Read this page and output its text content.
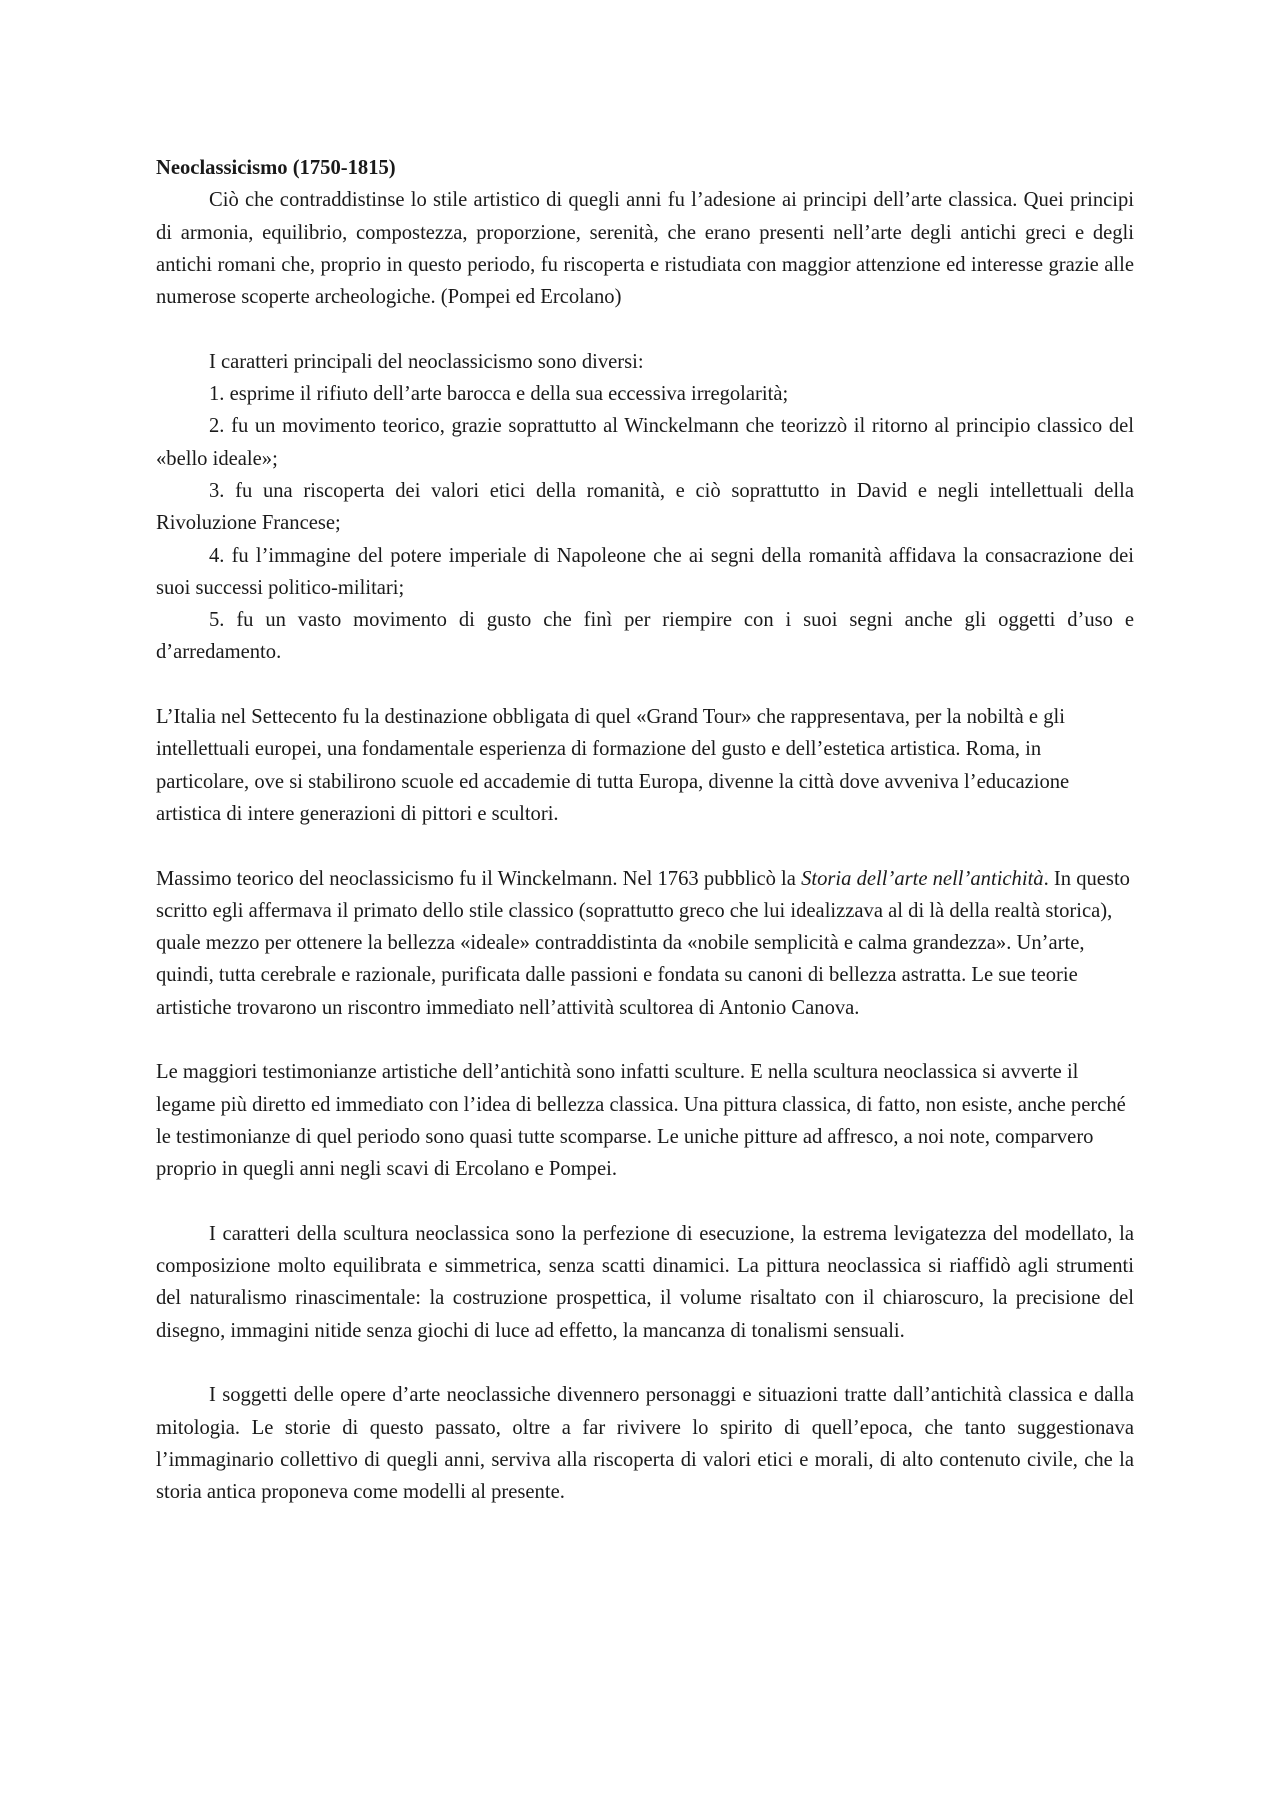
Neoclassicismo (1750-1815)

Ciò che contraddistinse lo stile artistico di quegli anni fu l’adesione ai principi dell’arte classica. Quei principi di armonia, equilibrio, compostezza, proporzione, serenità, che erano presenti nell’arte degli antichi greci e degli antichi romani che, proprio in questo periodo, fu riscoperta e ristudiata con maggior attenzione ed interesse grazie alle numerose scoperte archeologiche. (Pompei ed Ercolano)

I caratteri principali del neoclassicismo sono diversi:

1. esprime il rifiuto dell’arte barocca e della sua eccessiva irregolarità;

2. fu un movimento teorico, grazie soprattutto al Winckelmann che teorizzò il ritorno al principio classico del «bello ideale»;

3. fu una riscoperta dei valori etici della romanità, e ciò soprattutto in David e negli intellettuali della Rivoluzione Francese;

4. fu l’immagine del potere imperiale di Napoleone che ai segni della romanità affidava la consacrazione dei suoi successi politico-militari;

5. fu un vasto movimento di gusto che finì per riempire con i suoi segni anche gli oggetti d’uso e d’arredamento.

L’Italia nel Settecento fu la destinazione obbligata di quel «Grand Tour» che rappresentava, per la nobiltà e gli intellettuali europei, una fondamentale esperienza di formazione del gusto e dell’estetica artistica. Roma, in particolare, ove si stabilirono scuole ed accademie di tutta Europa, divenne la città dove avveniva l’educazione artistica di intere generazioni di pittori e scultori.

Massimo teorico del neoclassicismo fu il Winckelmann. Nel 1763 pubblicò la Storia dell’arte nell’antichità. In questo scritto egli affermava il primato dello stile classico (soprattutto greco che lui idealizzava al di là della realtà storica), quale mezzo per ottenere la bellezza «ideale» contraddistinta da «nobile semplicità e calma grandezza». Un’arte, quindi, tutta cerebrale e razionale, purificata dalle passioni e fondata su canoni di bellezza astratta. Le sue teorie artistiche trovarono un riscontro immediato nell’attività scultorea di Antonio Canova.

Le maggiori testimonianze artistiche dell’antichità sono infatti sculture. E nella scultura neoclassica si avverte il legame più diretto ed immediato con l’idea di bellezza classica. Una pittura classica, di fatto, non esiste, anche perché le testimonianze di quel periodo sono quasi tutte scomparse. Le uniche pitture ad affresco, a noi note, comparvero proprio in quegli anni negli scavi di Ercolano e Pompei.

I caratteri della scultura neoclassica sono la perfezione di esecuzione, la estrema levigatezza del modellato, la composizione molto equilibrata e simmetrica, senza scatti dinamici. La pittura neoclassica si riaffidò agli strumenti del naturalismo rinascimentale: la costruzione prospettica, il volume risaltato con il chiaroscuro, la precisione del disegno, immagini nitide senza giochi di luce ad effetto, la mancanza di tonalismi sensuali.

I soggetti delle opere d’arte neoclassiche divennero personaggi e situazioni tratte dall’antichità classica e dalla mitologia. Le storie di questo passato, oltre a far rivivere lo spirito di quell’epoca, che tanto suggestionava l’immaginario collettivo di quegli anni, serviva alla riscoperta di valori etici e morali, di alto contenuto civile, che la storia antica proponeva come modelli al presente.
